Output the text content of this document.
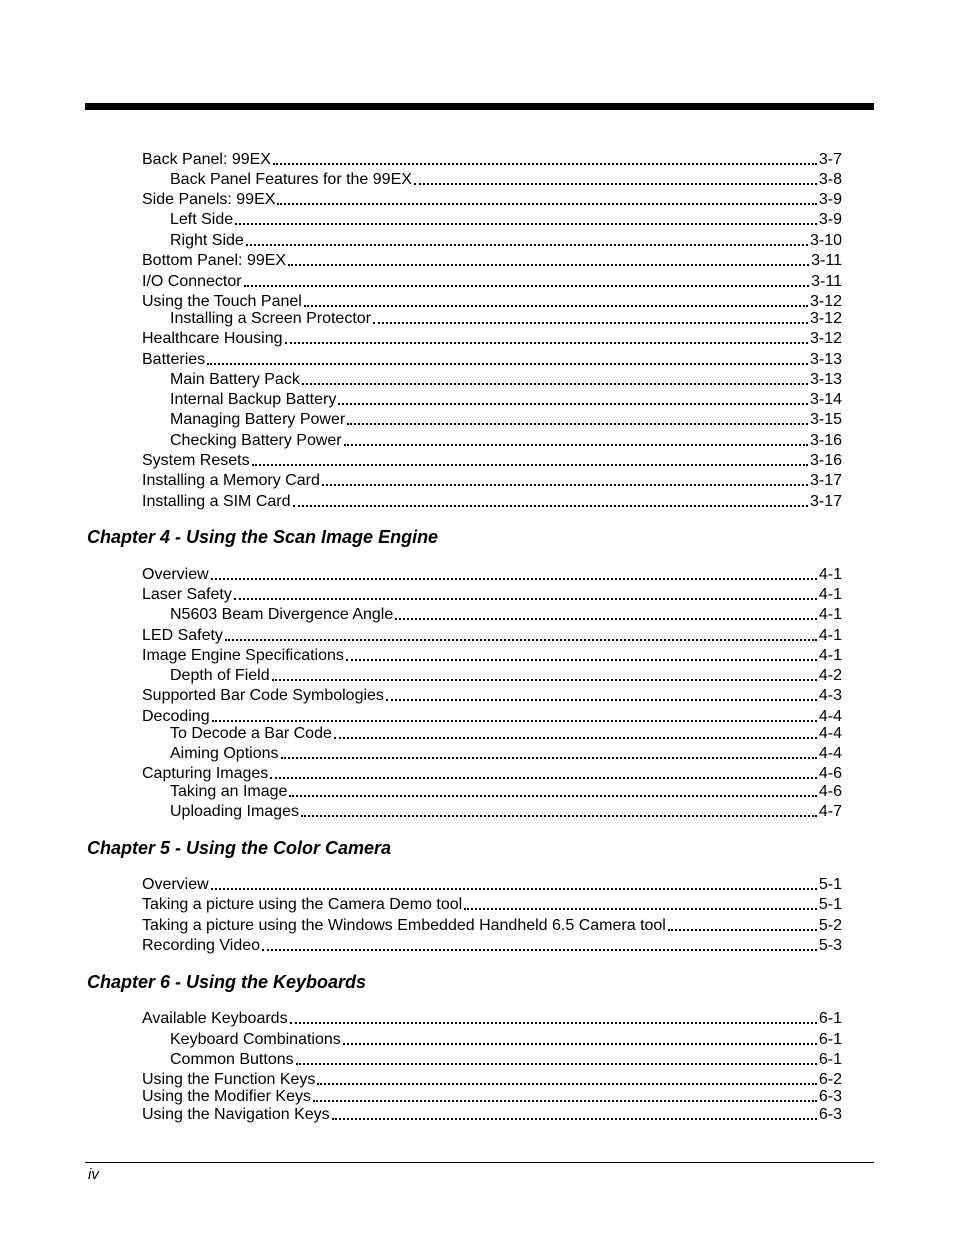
Back Panel: 99EX	3-7
Back Panel Features for the 99EX	3-8
Side Panels: 99EX	3-9
Left Side	3-9
Right Side	3-10
Bottom Panel: 99EX	3-11
I/O Connector	3-11
Using the Touch Panel	3-12
Installing a Screen Protector	3-12
Healthcare Housing	3-12
Batteries	3-13
Main Battery Pack	3-13
Internal Backup Battery	3-14
Managing Battery Power	3-15
Checking Battery Power	3-16
System Resets	3-16
Installing a Memory Card	3-17
Installing a SIM Card	3-17
Chapter 4 - Using the Scan Image Engine
Overview	4-1
Laser Safety	4-1
N5603 Beam Divergence Angle	4-1
LED Safety	4-1
Image Engine Specifications	4-1
Depth of Field	4-2
Supported Bar Code Symbologies	4-3
Decoding	4-4
To Decode a Bar Code	4-4
Aiming Options	4-4
Capturing Images	4-6
Taking an Image	4-6
Uploading Images	4-7
Chapter 5 - Using the Color Camera
Overview	5-1
Taking a picture using the Camera Demo tool	5-1
Taking a picture using the Windows Embedded Handheld 6.5 Camera tool	5-2
Recording Video	5-3
Chapter 6 - Using the Keyboards
Available Keyboards	6-1
Keyboard Combinations	6-1
Common Buttons	6-1
Using the Function Keys	6-2
Using the Modifier Keys	6-3
Using the Navigation Keys	6-3
iv
